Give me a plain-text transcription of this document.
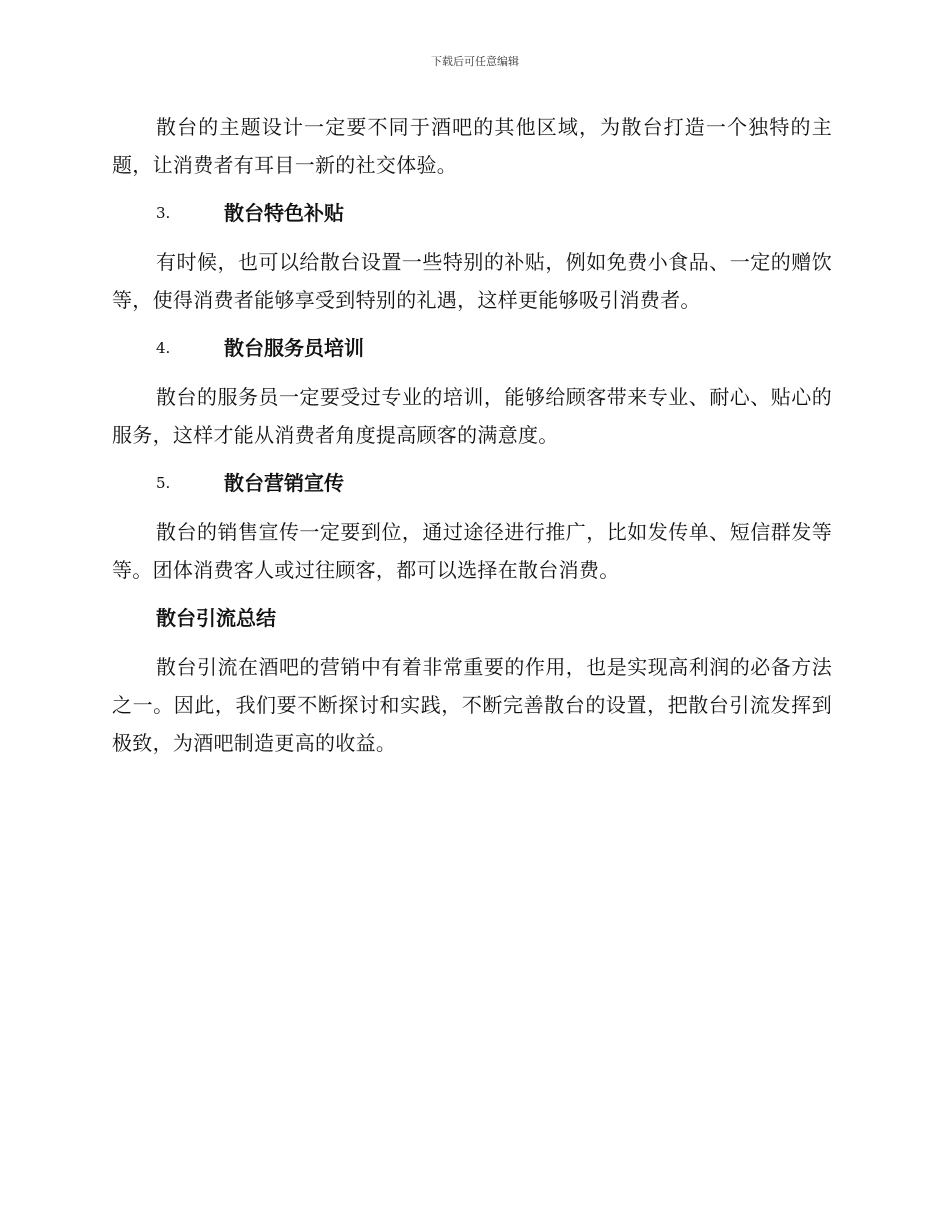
下载后可任意编辑

散台的主题设计一定要不同于酒吧的其他区域，为散台打造一个独特的主题，让消费者有耳目一新的社交体验。

3.	散台特色补贴

有时候，也可以给散台设置一些特别的补贴，例如免费小食品、一定的赠饮等，使得消费者能够享受到特别的礼遇，这样更能够吸引消费者。

4.	散台服务员培训

散台的服务员一定要受过专业的培训，能够给顾客带来专业、耐心、贴心的服务，这样才能从消费者角度提高顾客的满意度。

5.	散台营销宣传

散台的销售宣传一定要到位，通过途径进行推广，比如发传单、短信群发等等。团体消费客人或过往顾客，都可以选择在散台消费。

散台引流总结

散台引流在酒吧的营销中有着非常重要的作用，也是实现高利润的必备方法之一。因此，我们要不断探讨和实践，不断完善散台的设置，把散台引流发挥到极致，为酒吧制造更高的收益。
